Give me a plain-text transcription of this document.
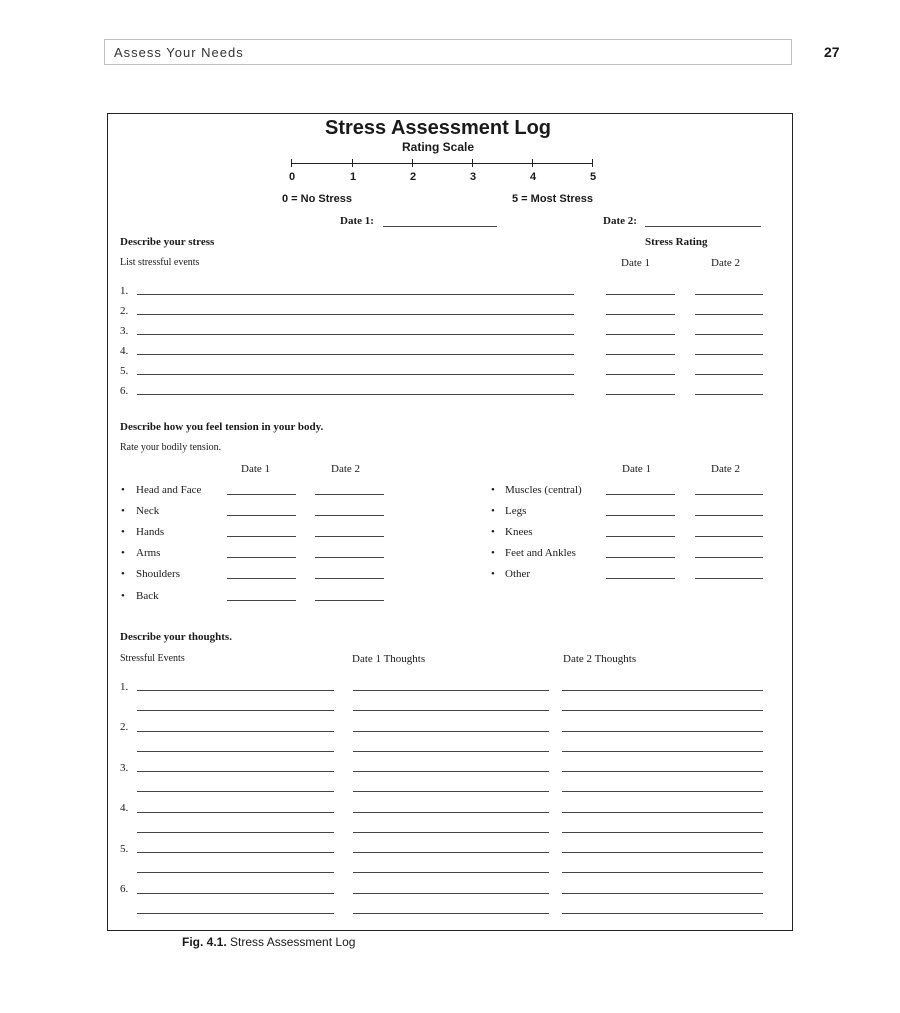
Assess Your Needs	27
Stress Assessment Log
Rating Scale
0	1	2	3	4	5
0 = No Stress	5 = Most Stress
Date 1:	Date 2:
Describe your stress	Stress Rating
List stressful events	Date 1	Date 2
1.
2.
3.
4.
5.
6.
Describe how you feel tension in your body.
Rate your bodily tension.
Date 1	Date 2	Date 1	Date 2
• Head and Face
• Neck
• Hands
• Arms
• Shoulders
• Back
• Muscles (central)
• Legs
• Knees
• Feet and Ankles
• Other
Describe your thoughts.
Stressful Events	Date 1 Thoughts	Date 2 Thoughts
1.
2.
3.
4.
5.
6.
Fig. 4.1. Stress Assessment Log
